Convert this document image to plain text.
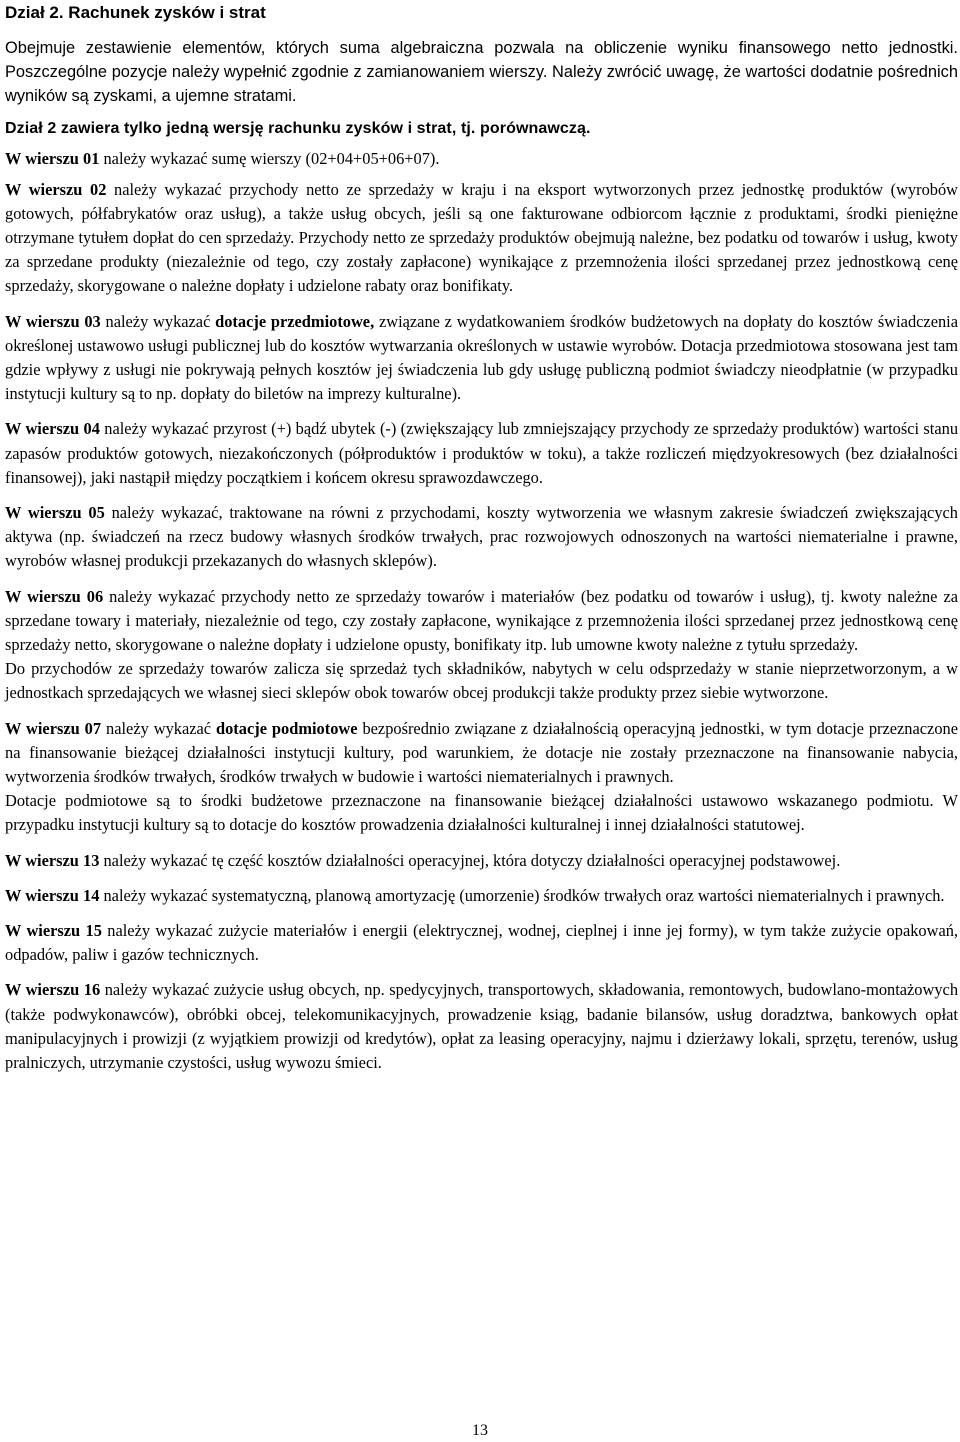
Dział 2. Rachunek zysków i strat
Obejmuje zestawienie elementów, których suma algebraiczna pozwala na obliczenie wyniku finansowego netto jednostki. Poszczególne pozycje należy wypełnić zgodnie z zamianowaniem wierszy. Należy zwrócić uwagę, że wartości dodatnie pośrednich wyników są zyskami, a ujemne stratami.
Dział 2 zawiera tylko jedną wersję rachunku zysków i strat, tj. porównawczą.
W wierszu 01 należy wykazać sumę wierszy (02+04+05+06+07).

W wierszu 02 należy wykazać przychody netto ze sprzedaży w kraju i na eksport wytworzonych przez jednostkę produktów (wyrobów gotowych, półfabrykatów oraz usług), a także usług obcych, jeśli są one fakturowane odbiorcom łącznie z produktami, środki pieniężne otrzymane tytułem dopłat do cen sprzedaży. Przychody netto ze sprzedaży produktów obejmują należne, bez podatku od towarów i usług, kwoty za sprzedane produkty (niezależnie od tego, czy zostały zapłacone) wynikające z przemnożenia ilości sprzedanej przez jednostkową cenę sprzedaży, skorygowane o należne dopłaty i udzielone rabaty oraz bonifikaty.

W wierszu 03 należy wykazać dotacje przedmiotowe, związane z wydatkowaniem środków budżetowych na dopłaty do kosztów świadczenia określonej ustawowo usługi publicznej lub do kosztów wytwarzania określonych w ustawie wyrobów. Dotacja przedmiotowa stosowana jest tam gdzie wpływy z usługi nie pokrywają pełnych kosztów jej świadczenia lub gdy usługę publiczną podmiot świadczy nieodpłatnie (w przypadku instytucji kultury są to np. dopłaty do biletów na imprezy kulturalne).

W wierszu 04 należy wykazać przyrost (+) bądź ubytek (-) (zwiększający lub zmniejszający przychody ze sprzedaży produktów) wartości stanu zapasów produktów gotowych, niezakończonych (półproduktów i produktów w toku), a także rozliczeń międzyokresowych (bez działalności finansowej), jaki nastąpił między początkiem i końcem okresu sprawozdawczego.

W wierszu 05 należy wykazać, traktowane na równi z przychodami, koszty wytworzenia we własnym zakresie świadczeń zwiększających aktywa (np. świadczeń na rzecz budowy własnych środków trwałych, prac rozwojowych odnoszonych na wartości niematerialne i prawne, wyrobów własnej produkcji przekazanych do własnych sklepów).

W wierszu 06 należy wykazać przychody netto ze sprzedaży towarów i materiałów (bez podatku od towarów i usług), tj. kwoty należne za sprzedane towary i materiały, niezależnie od tego, czy zostały zapłacone, wynikające z przemnożenia ilości sprzedanej przez jednostkową cenę sprzedaży netto, skorygowane o należne dopłaty i udzielone opusty, bonifikaty itp. lub umowne kwoty należne z tytułu sprzedaży.

Do przychodów ze sprzedaży towarów zalicza się sprzedaż tych składników, nabytych w celu odsprzedaży w stanie nieprzetworzonym, a w jednostkach sprzedających we własnej sieci sklepów obok towarów obcej produkcji także produkty przez siebie wytworzone.

W wierszu 07 należy wykazać dotacje podmiotowe bezpośrednio związane z działalnością operacyjną jednostki, w tym dotacje przeznaczone na finansowanie bieżącej działalności instytucji kultury, pod warunkiem, że dotacje nie zostały przeznaczone na finansowanie nabycia, wytworzenia środków trwałych, środków trwałych w budowie i wartości niematerialnych i prawnych.

Dotacje podmiotowe są to środki budżetowe przeznaczone na finansowanie bieżącej działalności ustawowo wskazanego podmiotu. W przypadku instytucji kultury są to dotacje do kosztów prowadzenia działalności kulturalnej i innej działalności statutowej.

W wierszu 13 należy wykazać tę część kosztów działalności operacyjnej, która dotyczy działalności operacyjnej podstawowej.

W wierszu 14 należy wykazać systematyczną, planową amortyzację (umorzenie) środków trwałych oraz wartości niematerialnych i prawnych.

W wierszu 15 należy wykazać zużycie materiałów i energii (elektrycznej, wodnej, cieplnej i inne jej formy), w tym także zużycie opakowań, odpadów, paliw i gazów technicznych.

W wierszu 16 należy wykazać zużycie usług obcych, np. spedycyjnych, transportowych, składowania, remontowych, budowlano-montażowych (także podwykonawców), obróbki obcej, telekomunikacyjnych, prowadzenie ksiąg, badanie bilansów, usług doradztwa, bankowych opłat manipulacyjnych i prowizji (z wyjątkiem prowizji od kredytów), opłat za leasing operacyjny, najmu i dzierżawy lokali, sprzętu, terenów, usług pralniczych, utrzymanie czystości, usług wywozu śmieci.

13
